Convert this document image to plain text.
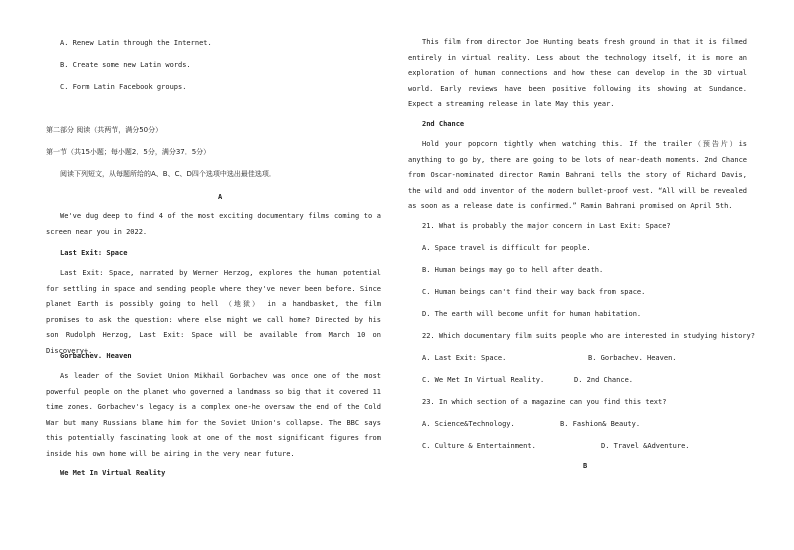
A. Renew Latin through the Internet.
B. Create some new Latin words.
C. Form Latin Facebook groups.
第二部分 阅读（共两节，满分50分）
第一节（共15小题；每小题2．5分，满分37．5分）
阅读下列短文，从每题所给的A、B、C、D四个选项中选出最佳选项．
A

We've dug deep to find 4 of the most exciting documentary films coming to a screen near you in 2022.

Last Exit: Space

Last Exit: Space, narrated by Werner Herzog, explores the human potential for settling in space and sending people where they've never been before. Since planet Earth is possibly going to hell （地狱） in a handbasket, the film promises to ask the question: where else might we call home? Directed by his son Rudolph Herzog, Last Exit: Space will be available from March 10 on Discovery+.

Gorbachev. Heaven

As leader of the Soviet Union Mikhail Gorbachev was once one of the most powerful people on the planet who governed a landmass so big that it covered 11 time zones. Gorbachev's legacy is a complex one-he oversaw the end of the Cold War but many Russians blame him for the Soviet Union's collapse. The BBC says this potentially fascinating look at one of the most significant figures from inside his own home will be airing in the very near future.

We Met In Virtual Reality

This film from director Joe Hunting beats fresh ground in that it is filmed entirely in virtual reality. Less about the technology itself, it is more an exploration of human connections and how these can develop in the 3D virtual world. Early reviews have been positive following its showing at Sundance. Expect a streaming release in late May this year.

2nd Chance

Hold your popcorn tightly when watching this. If the trailer（预告片）is anything to go by, there are going to be lots of near-death moments. 2nd Chance from Oscar-nominated director Ramin Bahrani tells the story of Richard Davis, the wild and odd inventor of the modern bullet-proof vest. “All will be revealed as soon as a release date is confirmed.” Ramin Bahrani promised on April 5th.

21. What is probably the major concern in Last Exit: Space?
A. Space travel is difficult for people.
B. Human beings may go to hell after death.
C. Human beings can't find their way back from space.
D. The earth will become unfit for human habitation.
22. Which documentary film suits people who are interested in studying history?
A. Last Exit: Space.	B. Gorbachev. Heaven.
C. We Met In Virtual Reality.	D. 2nd Chance.
23. In which section of a magazine can you find this text?
A. Science&Technology.	B. Fashion& Beauty.
C. Culture & Entertainment.	D. Travel &Adventure.
B
